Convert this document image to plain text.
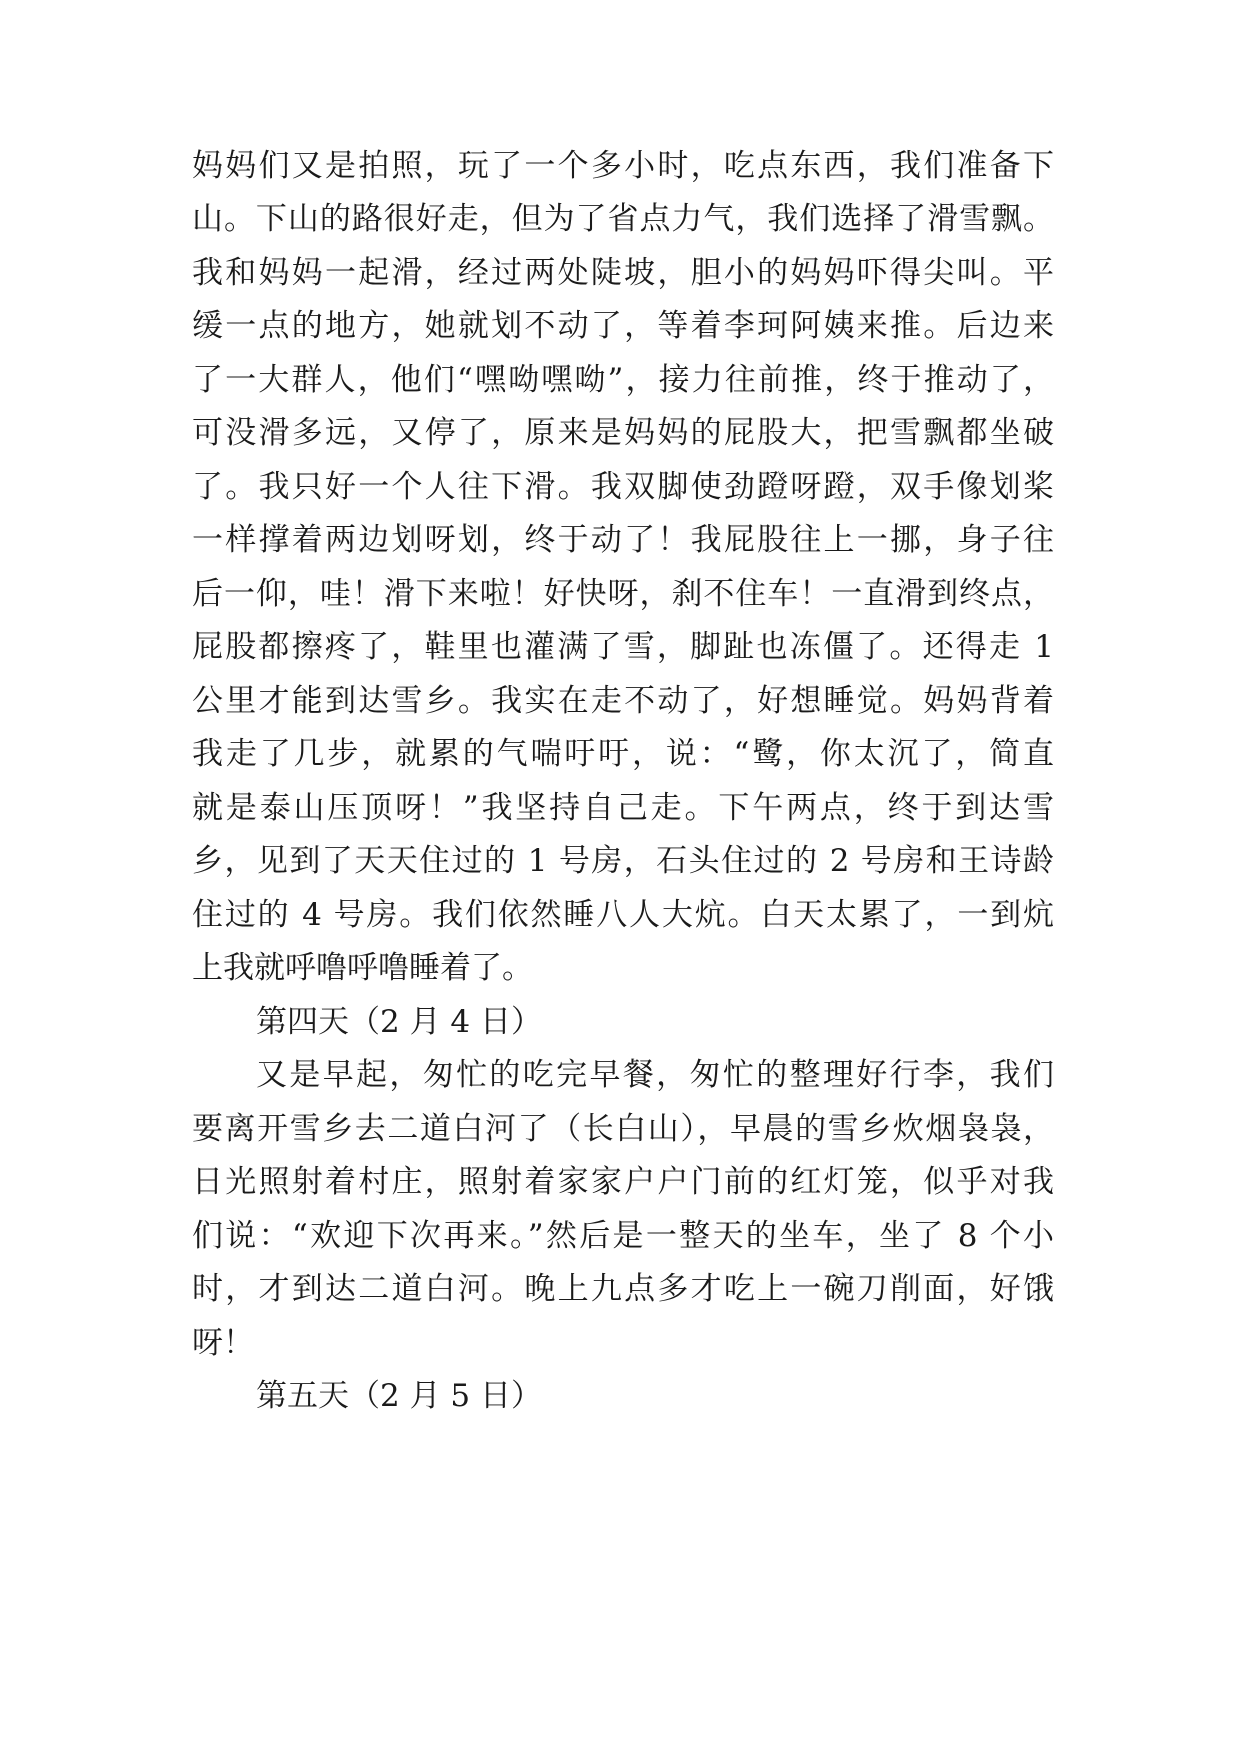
妈妈们又是拍照，玩了一个多小时，吃点东西，我们准备下
山。下山的路很好走，但为了省点力气，我们选择了滑雪飘。
我和妈妈一起滑，经过两处陡坡，胆小的妈妈吓得尖叫。平
缓一点的地方，她就划不动了，等着李珂阿姨来推。后边来
了一大群人，他们“嘿呦嘿呦”，接力往前推，终于推动了，
可没滑多远，又停了，原来是妈妈的屁股大，把雪飘都坐破
了。我只好一个人往下滑。我双脚使劲蹬呀蹬，双手像划桨
一样撑着两边划呀划，终于动了！我屁股往上一挪，身子往
后一仰，哇！滑下来啦！好快呀，刹不住车！一直滑到终点，
屁股都擦疼了，鞋里也灌满了雪，脚趾也冻僵了。还得走 1
公里才能到达雪乡。我实在走不动了，好想睡觉。妈妈背着
我走了几步，就累的气喘吁吁，说：“鹭，你太沉了，简直
就是泰山压顶呀！”我坚持自己走。下午两点，终于到达雪
乡，见到了天天住过的 1 号房，石头住过的 2 号房和王诗龄
住过的 4 号房。我们依然睡八人大炕。白天太累了，一到炕
上我就呼噜呼噜睡着了。
第四天（2 月 4 日）
又是早起，匆忙的吃完早餐，匆忙的整理好行李，我们
要离开雪乡去二道白河了（长白山），早晨的雪乡炊烟袅袅，
日光照射着村庄，照射着家家户户门前的红灯笼，似乎对我
们说：“欢迎下次再来。”然后是一整天的坐车，坐了 8 个小
时，才到达二道白河。晚上九点多才吃上一碗刀削面，好饿
呀！
第五天（2 月 5 日）
